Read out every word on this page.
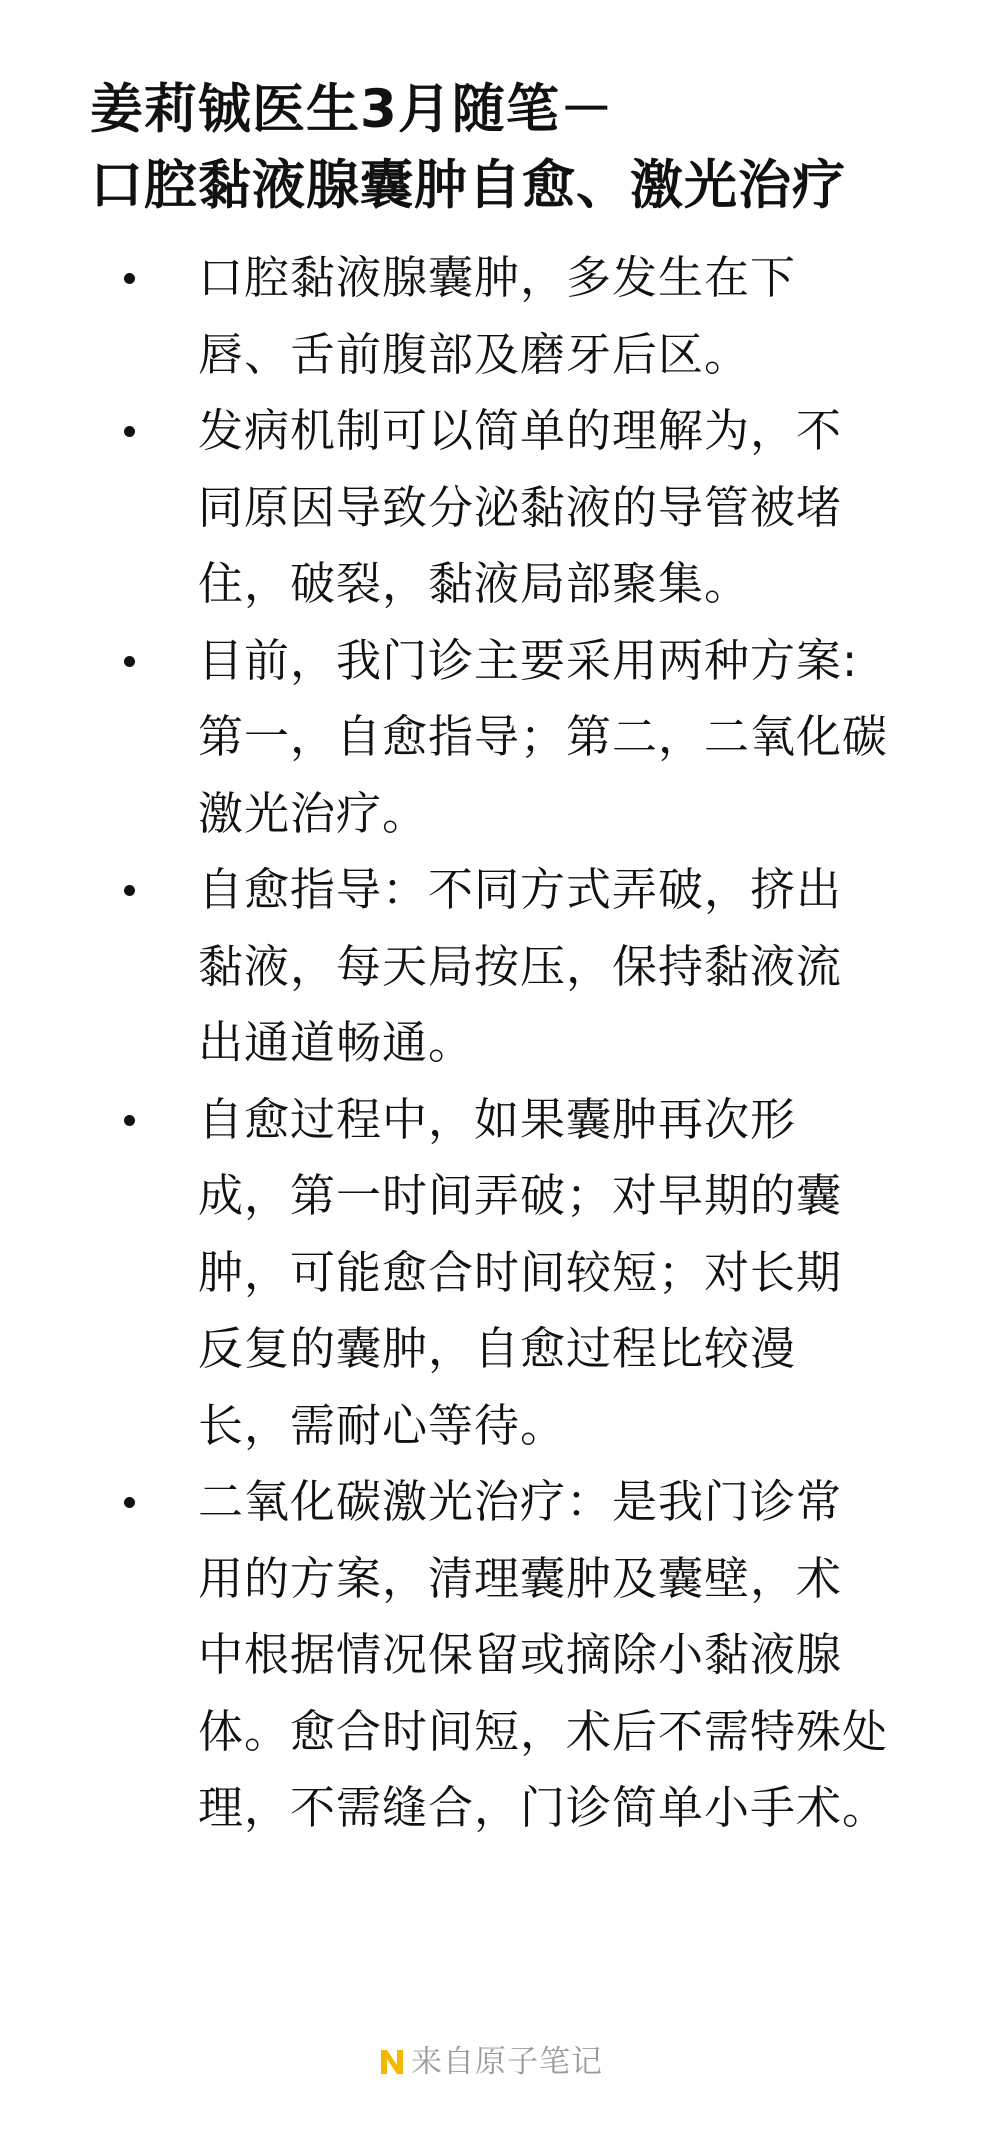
姜莉铖医生3月随笔－
口腔黏液腺囊肿自愈、激光治疗
口腔黏液腺囊肿，多发生在下
唇、舌前腹部及磨牙后区。
发病机制可以简单的理解为，不
同原因导致分泌黏液的导管被堵
住，破裂，黏液局部聚集。
目前，我门诊主要采用两种方案:
第一，自愈指导；第二，二氧化碳
激光治疗。
自愈指导：不同方式弄破，挤出
黏液，每天局按压，保持黏液流
出通道畅通。
自愈过程中，如果囊肿再次形
成，第一时间弄破；对早期的囊
肿，可能愈合时间较短；对长期
反复的囊肿，自愈过程比较漫
长，需耐心等待。
二氧化碳激光治疗：是我门诊常
用的方案，清理囊肿及囊壁，术
中根据情况保留或摘除小黏液腺
体。愈合时间短，术后不需特殊处
理，不需缝合，门诊简单小手术。
来自原子笔记
